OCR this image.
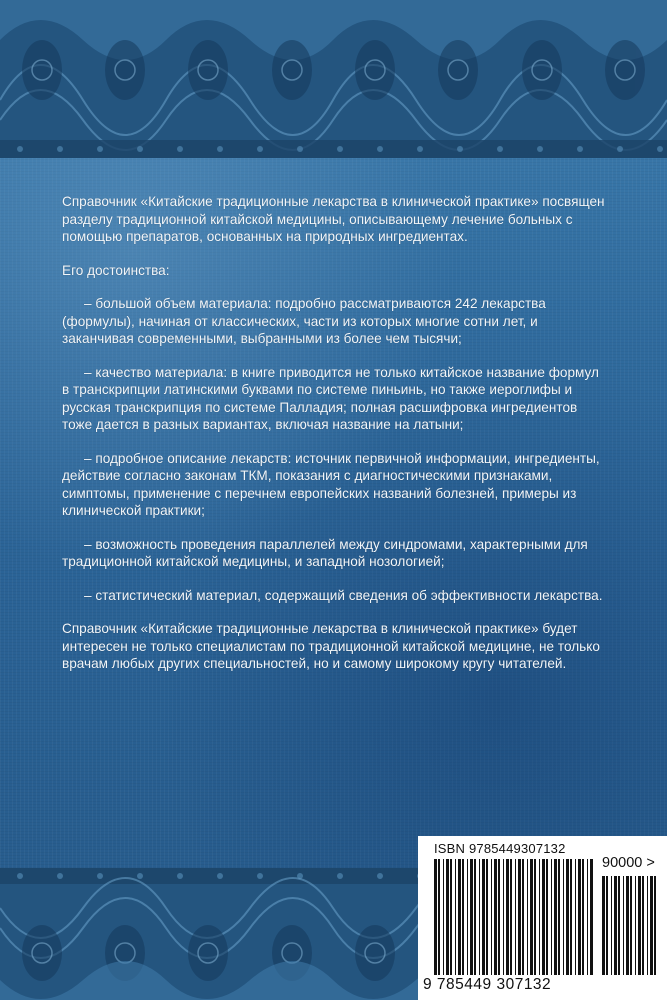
Справочник «Китайские традиционные лекарства в клинической практике» посвящен разделу традиционной китайской медицины, описывающему лечение больных с помощью препаратов, основанных на природных ингредиентах.

Его достоинства:

– большой объем материала: подробно рассматриваются 242 лекарства (формулы), начиная от классических, части из которых многие сотни лет, и заканчивая современными, выбранными из более чем тысячи;

– качество материала: в книге приводится не только китайское название формул в транскрипции латинскими буквами по системе пиньинь, но также иероглифы и русская транскрипция по системе Палладия; полная расшифровка ингредиентов тоже дается в разных вариантах, включая название на латыни;

– подробное описание лекарств: источник первичной информации, ингредиенты, действие согласно законам ТКМ, показания с диагностическими признаками, симптомы, применение с перечнем европейских названий болезней, примеры из клинической практики;

– возможность проведения параллелей между синдромами, характерными для традиционной китайской медицины, и западной нозологией;

– статистический материал, содержащий сведения об эффективности лекарства.

Справочник «Китайские традиционные лекарства в клинической практике» будет интересен не только специалистам по традиционной китайской медицине, не только врачам любых других специальностей, но и самому широкому кругу читателей.

ISBN 9785449307132
90000 >
9 785449 307132
